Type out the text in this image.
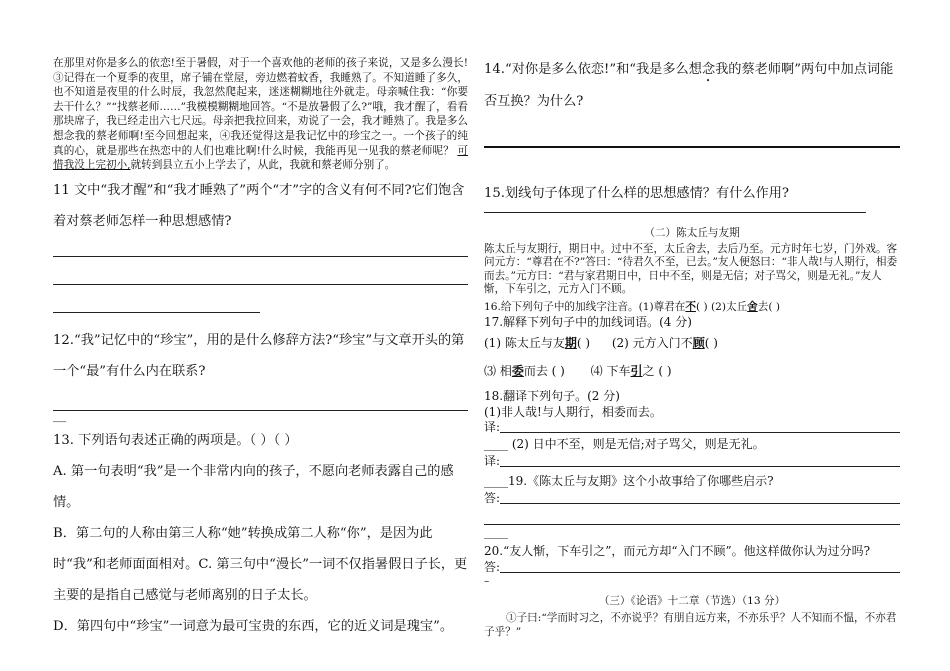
在那里对你是多么的依恋!至于暑假，对于一个喜欢他的老师的孩子来说，又是多么漫长!③记得在一个夏季的夜里，席子铺在堂屋，旁边燃着蚊香，我睡熟了。不知道睡了多久，也不知道是夜里的什么时辰，我忽然爬起来，迷迷糊糊地往外就走。母亲喊住我：“你要去干什么？”“找蔡老师……”我模模糊糊地回答。“不是放暑假了么?”哦，我才醒了，看看那块席子，我已经走出六七尺远。母亲把我拉回来，劝说了一会，我才睡熟了。我是多么想念我的蔡老师啊!至今回想起来，④我还觉得这是我记忆中的珍宝之一。一个孩子的纯真的心，就是那些在热恋中的人们也难比啊!什么时候，我能再见一见我的蔡老师呢？ 可惜我没上完初小,就转到县立五小上学去了，从此，我就和蔡老师分别了。
11 文中“我才醒”和“我才睡熟了”两个“才”字的含义有何不同?它们饱含着对蔡老师怎样一种思想感情?
12.“我”记忆中的“珍宝”，用的是什么修辞方法?“珍宝”与文章开头的第一个“最”有什么内在联系?
__
13. 下列语句表述正确的两项是。（ ）（ ）
A. 第一句表明“我”是一个非常内向的孩子，不愿向老师表露自己的感情。
B．第二句的人称由第三人称“她”转换成第二人称“你”，是因为此时“我”和老师面面相对。C. 第三句中“漫长”一词不仅指暑假日子长，更主要的是指自己感觉与老师离别的日子太长。
D．第四句中“珍宝”一词意为最可宝贵的东西，它的近义词是瑰宝”。
14.“对你是多么依恋!”和“我是多么想念我的蔡老师啊”两句中加点词能否互换？为什么?
15.划线句子体现了什么样的思想感情？有什么作用?
（二）陈太丘与友期
陈太丘与友期行，期日中。过中不至，太丘舍去，去后乃至。元方时年七岁，门外戏。客问元方：“尊君在不?”答曰：“待君久不至，已去。”友人便怒曰：“非人哉!与人期行，相委而去。”元方曰：“君与家君期日中，日中不至，则是无信；对子骂父，则是无礼。”友人惭，下车引之，元方入门不顾。
16.给下列句子中的加线字注音。(1)尊君在不( ) (2)太丘舍去( )
17.解释下列句子中的加线词语。(4 分)
(1) 陈太丘与友期( ) (2) 元方入门不顾( )
⑶ 相委而去 ( ) ⑷ 下车引之 ( )
18.翻译下列句子。(2 分)
(1)非人哉!与人期行，相委而去。
译:
____ (2) 日中不至，则是无信;对子骂父，则是无礼。
译:
____19.《陈太丘与友期》这个小故事给了你哪些启示?
答:
____
20.“友人惭，下车引之”，而元方却“入门不顾”。他这样做你认为过分吗?
答:
–
（三）《论语》十二章（节选）（13 分）
①子曰:“学而时习之，不亦说乎？有朋自远方来，不亦乐乎？人不知而不愠，不亦君子乎？”
